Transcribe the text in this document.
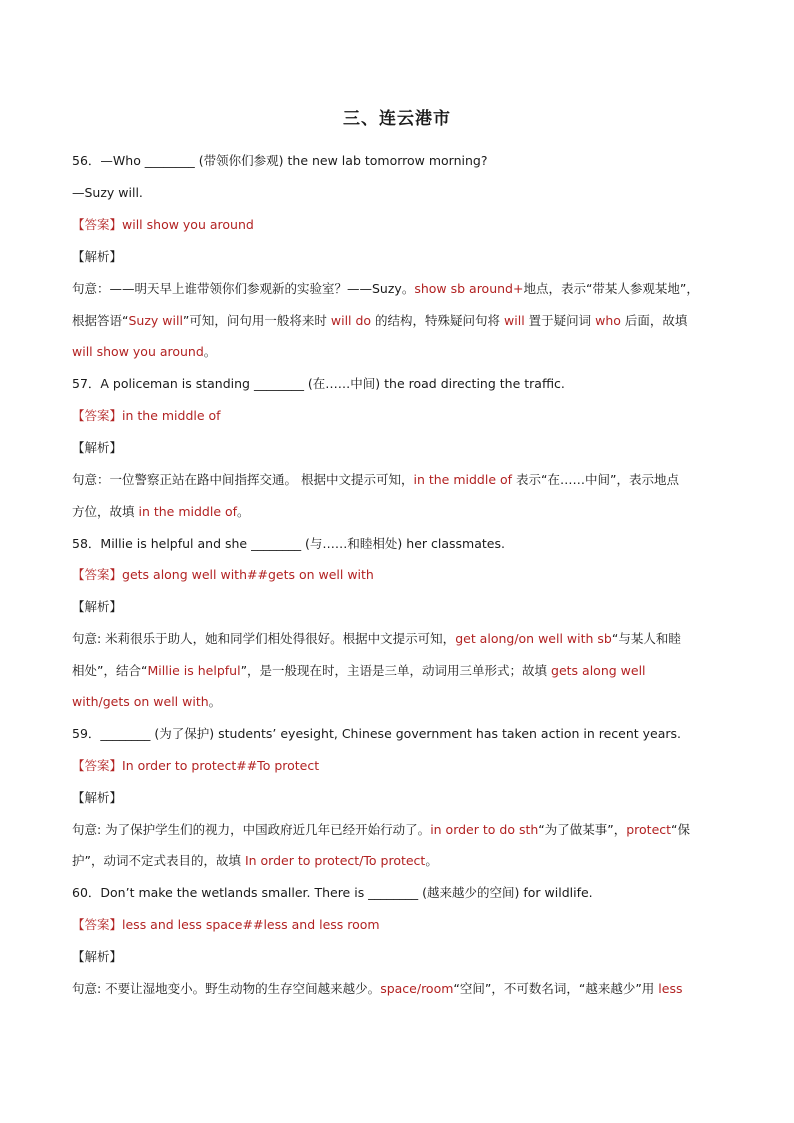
三、连云港市
56．—Who ________ (带领你们参观) the new lab tomorrow morning?
—Suzy will.
【答案】will show you around
【解析】
句意：——明天早上谁带领你们参观新的实验室？——Suzy。show sb around+地点，表示“带某人参观某地”，
根据答语“Suzy will”可知，问句用一般将来时 will do 的结构，特殊疑问句将 will 置于疑问词 who 后面，故填
will show you around。
57．A policeman is standing ________ (在……中间) the road directing the traffic.
【答案】in the middle of
【解析】
句意：一位警察正站在路中间指挥交通。 根据中文提示可知，in the middle of 表示“在……中间”，表示地点
方位，故填 in the middle of。
58．Millie is helpful and she ________ (与……和睦相处) her classmates.
【答案】gets along well with##gets on well with
【解析】
句意: 米莉很乐于助人，她和同学们相处得很好。根据中文提示可知，get along/on well with sb“与某人和睦
相处”，结合“Millie is helpful”，是一般现在时，主语是三单，动词用三单形式；故填 gets along well
with/gets on well with。
59．________ (为了保护) students’ eyesight, Chinese government has taken action in recent years.
【答案】In order to protect##To protect
【解析】
句意: 为了保护学生们的视力，中国政府近几年已经开始行动了。in order to do sth“为了做某事”，protect“保
护”，动词不定式表目的，故填 In order to protect/To protect。
60．Don’t make the wetlands smaller. There is ________ (越来越少的空间) for wildlife.
【答案】less and less space##less and less room
【解析】
句意: 不要让湿地变小。野生动物的生存空间越来越少。space/room“空间”，不可数名词，“越来越少”用 less
